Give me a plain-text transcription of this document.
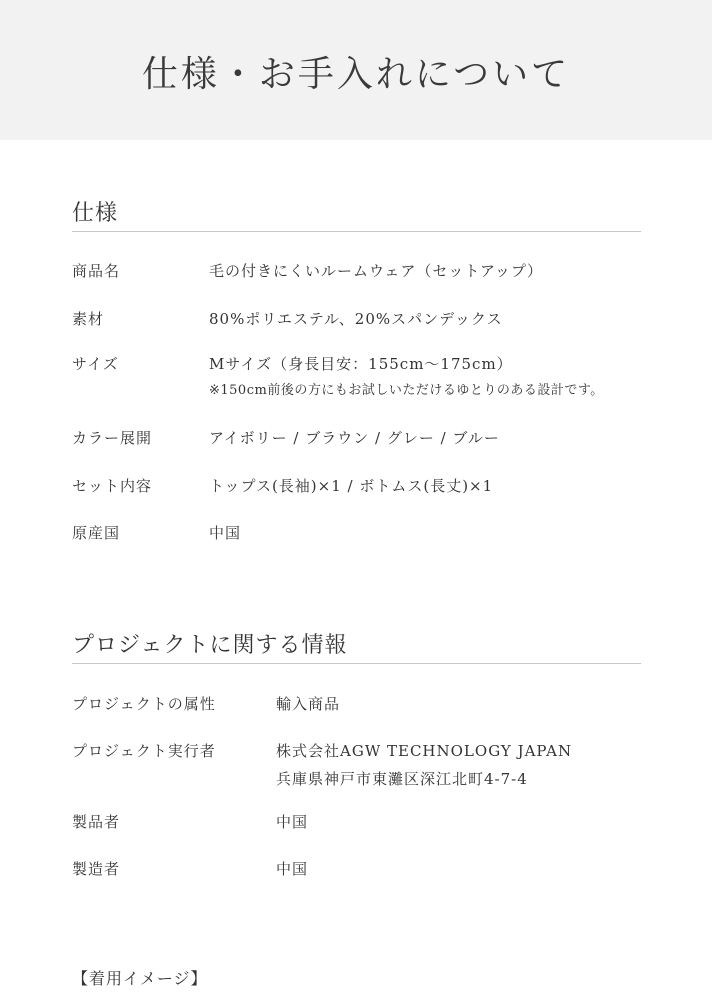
仕様・お手入れについて
仕様
商品名	毛の付きにくいルームウェア（セットアップ）
素材	80%ポリエステル、20%スパンデックス
サイズ	Mサイズ（身長目安：155cm〜175cm）
※150cm前後の方にもお試しいただけるゆとりのある設計です。
カラー展開	アイボリー / ブラウン / グレー / ブルー
セット内容	トップス(長袖)×1 / ボトムス(長丈)×1
原産国	中国
プロジェクトに関する情報
プロジェクトの属性	輸入商品
プロジェクト実行者	株式会社AGW TECHNOLOGY JAPAN
兵庫県神戸市東灘区深江北町4-7-4
製品者	中国
製造者	中国
【着用イメージ】
